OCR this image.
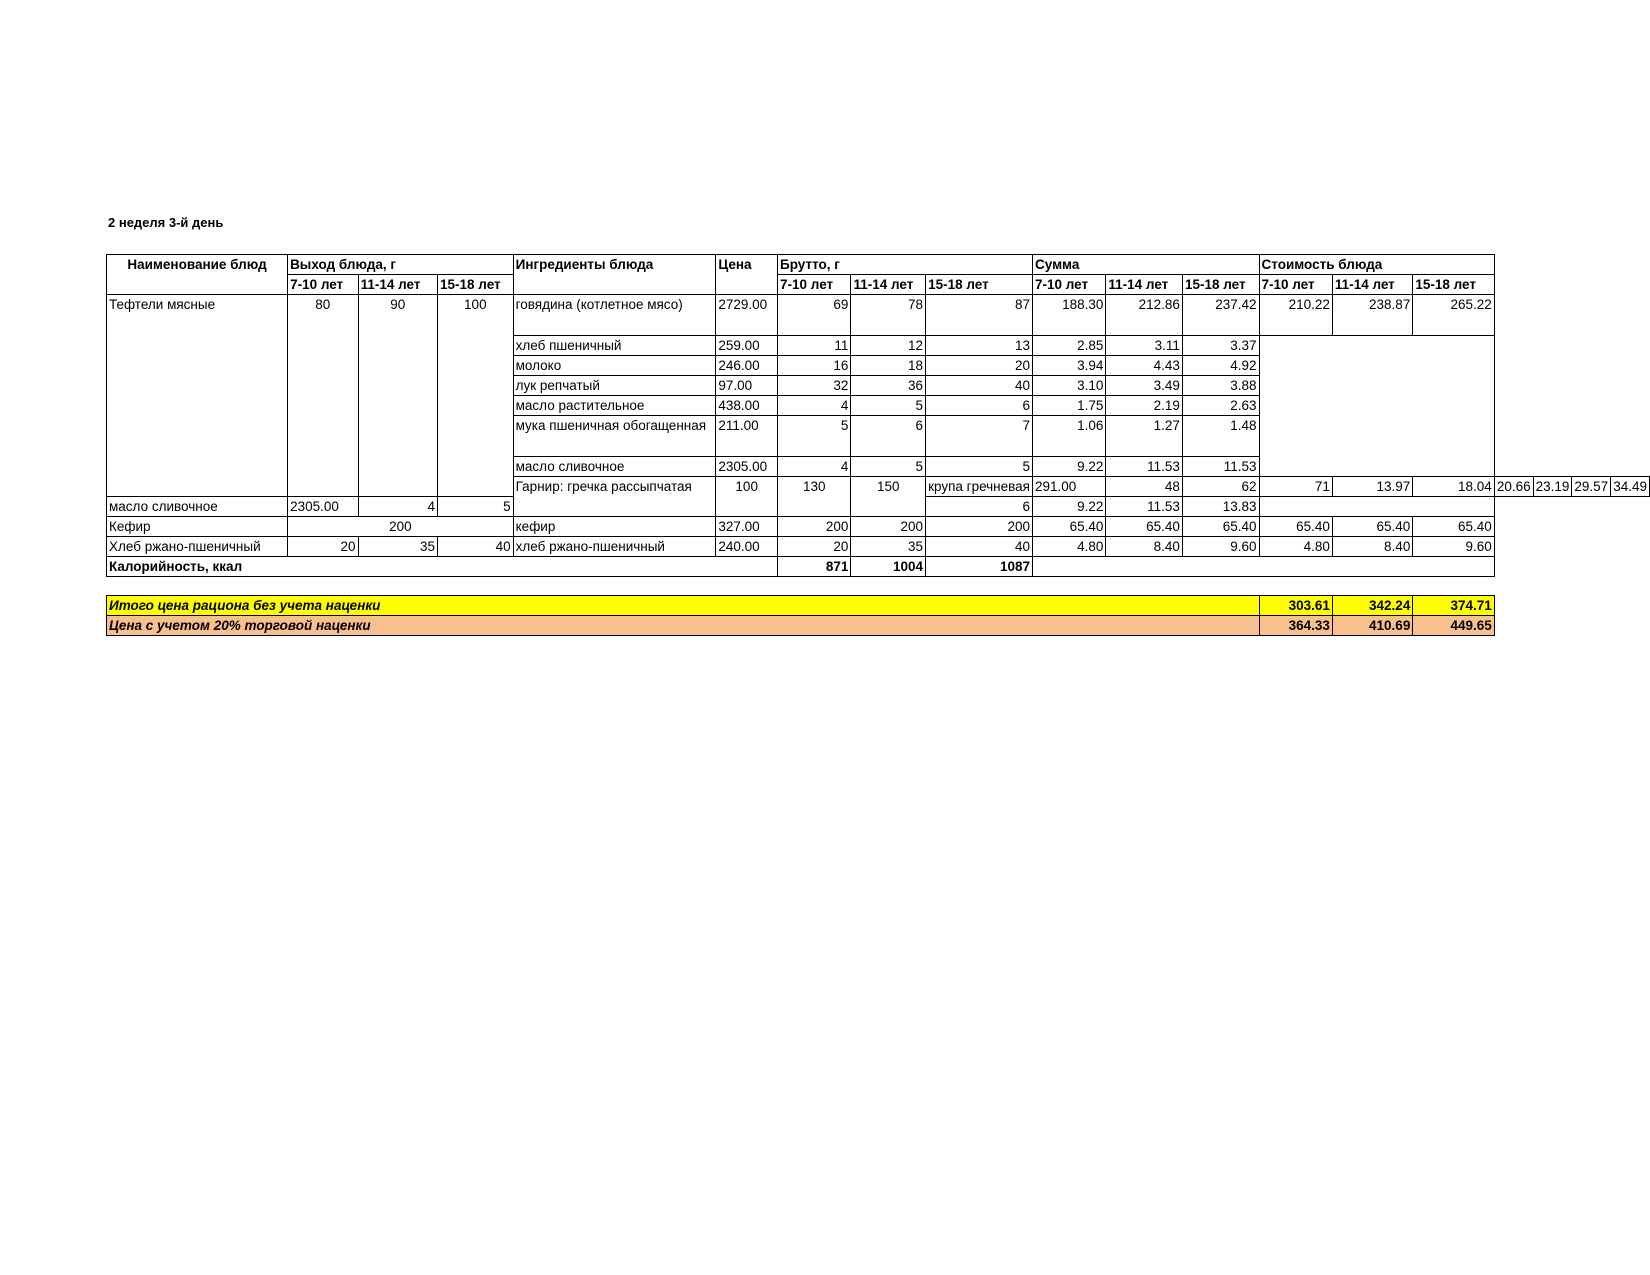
2 неделя 3-й день
Наименование блюд	Выход блюда, г			Ингредиенты блюда	Цена	Брутто, г			Сумма			Стоимость блюда						
	7-10 лет	11-14 лет	15-18 лет			7-10 лет	11-14 лет	15-18 лет	7-10 лет	11-14 лет	15-18 лет	7-10 лет	11-14 лет	15-18 лет				
Тефтели мясные	80	90	100	говядина (котлетное мясо)	2729.00	69	78	87	188.30	212.86	237.42	210.22	238.87	265.22				
				хлеб пшеничный	259.00	11	12	13	2.85	3.11	3.37							
				молоко	246.00	16	18	20	3.94	4.43	4.92							
				лук репчатый	97.00	32	36	40	3.10	3.49	3.88							
				масло растительное	438.00	4	5	6	1.75	2.19	2.63							
				мука пшеничная обогащенная	211.00	5	6	7	1.06	1.27	1.48							
				масло сливочное	2305.00	4	5	5	9.22	11.53	11.53							
				Гарнир: гречка рассыпчатая	100	130	150	крупа гречневая	291.00	48	62	71	13.97	18.04	20.66	23.19	29.57	34.49
масло сливочное	2305.00	4	5					6	9.22	11.53	13.83							
Кефир	200			кефир	327.00	200	200	200	65.40	65.40	65.40	65.40	65.40	65.40				
Хлеб ржано-пшеничный	20	35	40	хлеб ржано-пшеничный	240.00	20	35	40	4.80	8.40	9.60	4.80	8.40	9.60				
Калорийность, ккал						871	1004	1087										

Итого цена рациона без учета наценки												303.61	342.24	374.71				
Цена с учетом 20% торговой наценки												364.33	410.69	449.65				
